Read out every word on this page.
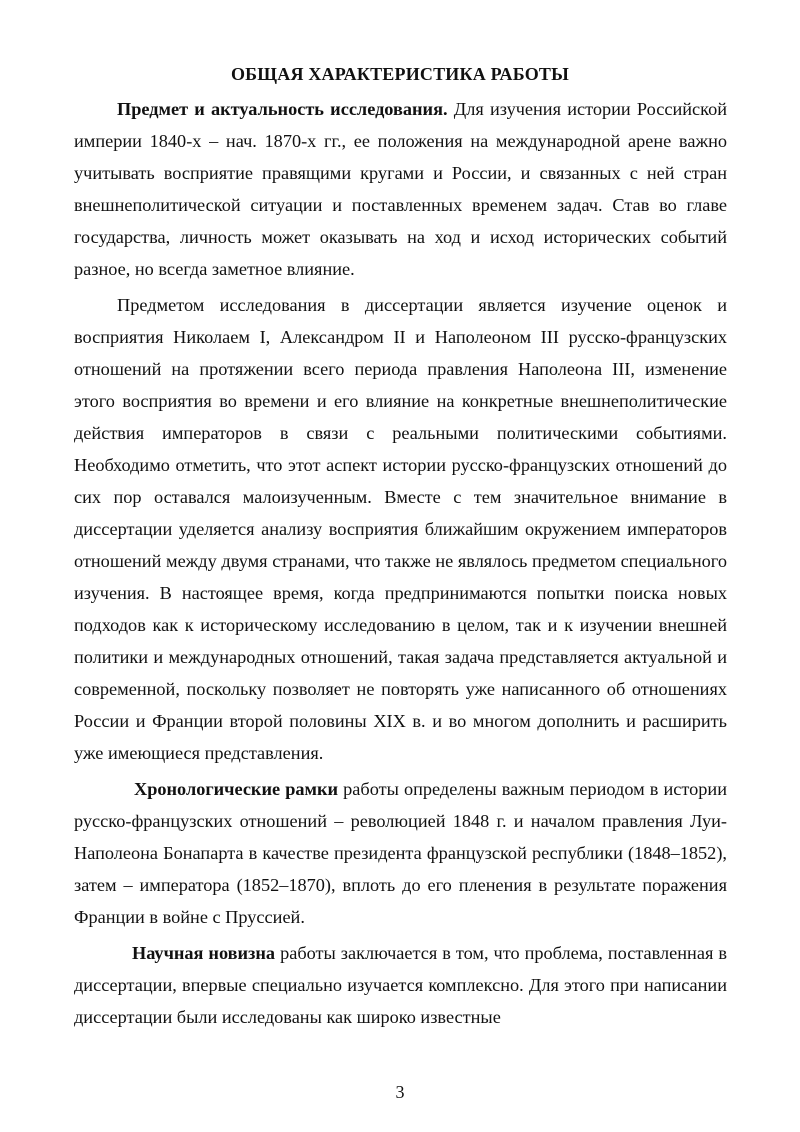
ОБЩАЯ ХАРАКТЕРИСТИКА РАБОТЫ

Предмет и актуальность исследования. Для изучения истории Российской империи 1840-х – нач. 1870-х гг., ее положения на международной арене важно учитывать восприятие правящими кругами и России, и связанных с ней стран внешнеполитической ситуации и поставленных временем задач. Став во главе государства, личность может оказывать на ход и исход исторических событий разное, но всегда заметное влияние.

Предметом исследования в диссертации является изучение оценок и восприятия Николаем I, Александром II и Наполеоном III русско-французских отношений на протяжении всего периода правления Наполеона III, изменение этого восприятия во времени и его влияние на конкретные внешнеполитические действия императоров в связи с реальными политическими событиями. Необходимо отметить, что этот аспект истории русско-французских отношений до сих пор оставался малоизученным. Вместе с тем значительное внимание в диссертации уделяется анализу восприятия ближайшим окружением императоров отношений между двумя странами, что также не являлось предметом специального изучения. В настоящее время, когда предпринимаются попытки поиска новых подходов как к историческому исследованию в целом, так и к изучении внешней политики и международных отношений, такая задача представляется актуальной и современной, поскольку позволяет не повторять уже написанного об отношениях России и Франции второй половины XIX в. и во многом дополнить и расширить уже имеющиеся представления.

Хронологические рамки работы определены важным периодом в истории русско-французских отношений – революцией 1848 г. и началом правления Луи-Наполеона Бонапарта в качестве президента французской республики (1848–1852), затем – императора (1852–1870), вплоть до его пленения в результате поражения Франции в войне с Пруссией.

Научная новизна работы заключается в том, что проблема, поставленная в диссертации, впервые специально изучается комплексно. Для этого при написании диссертации были исследованы как широко известные

3
